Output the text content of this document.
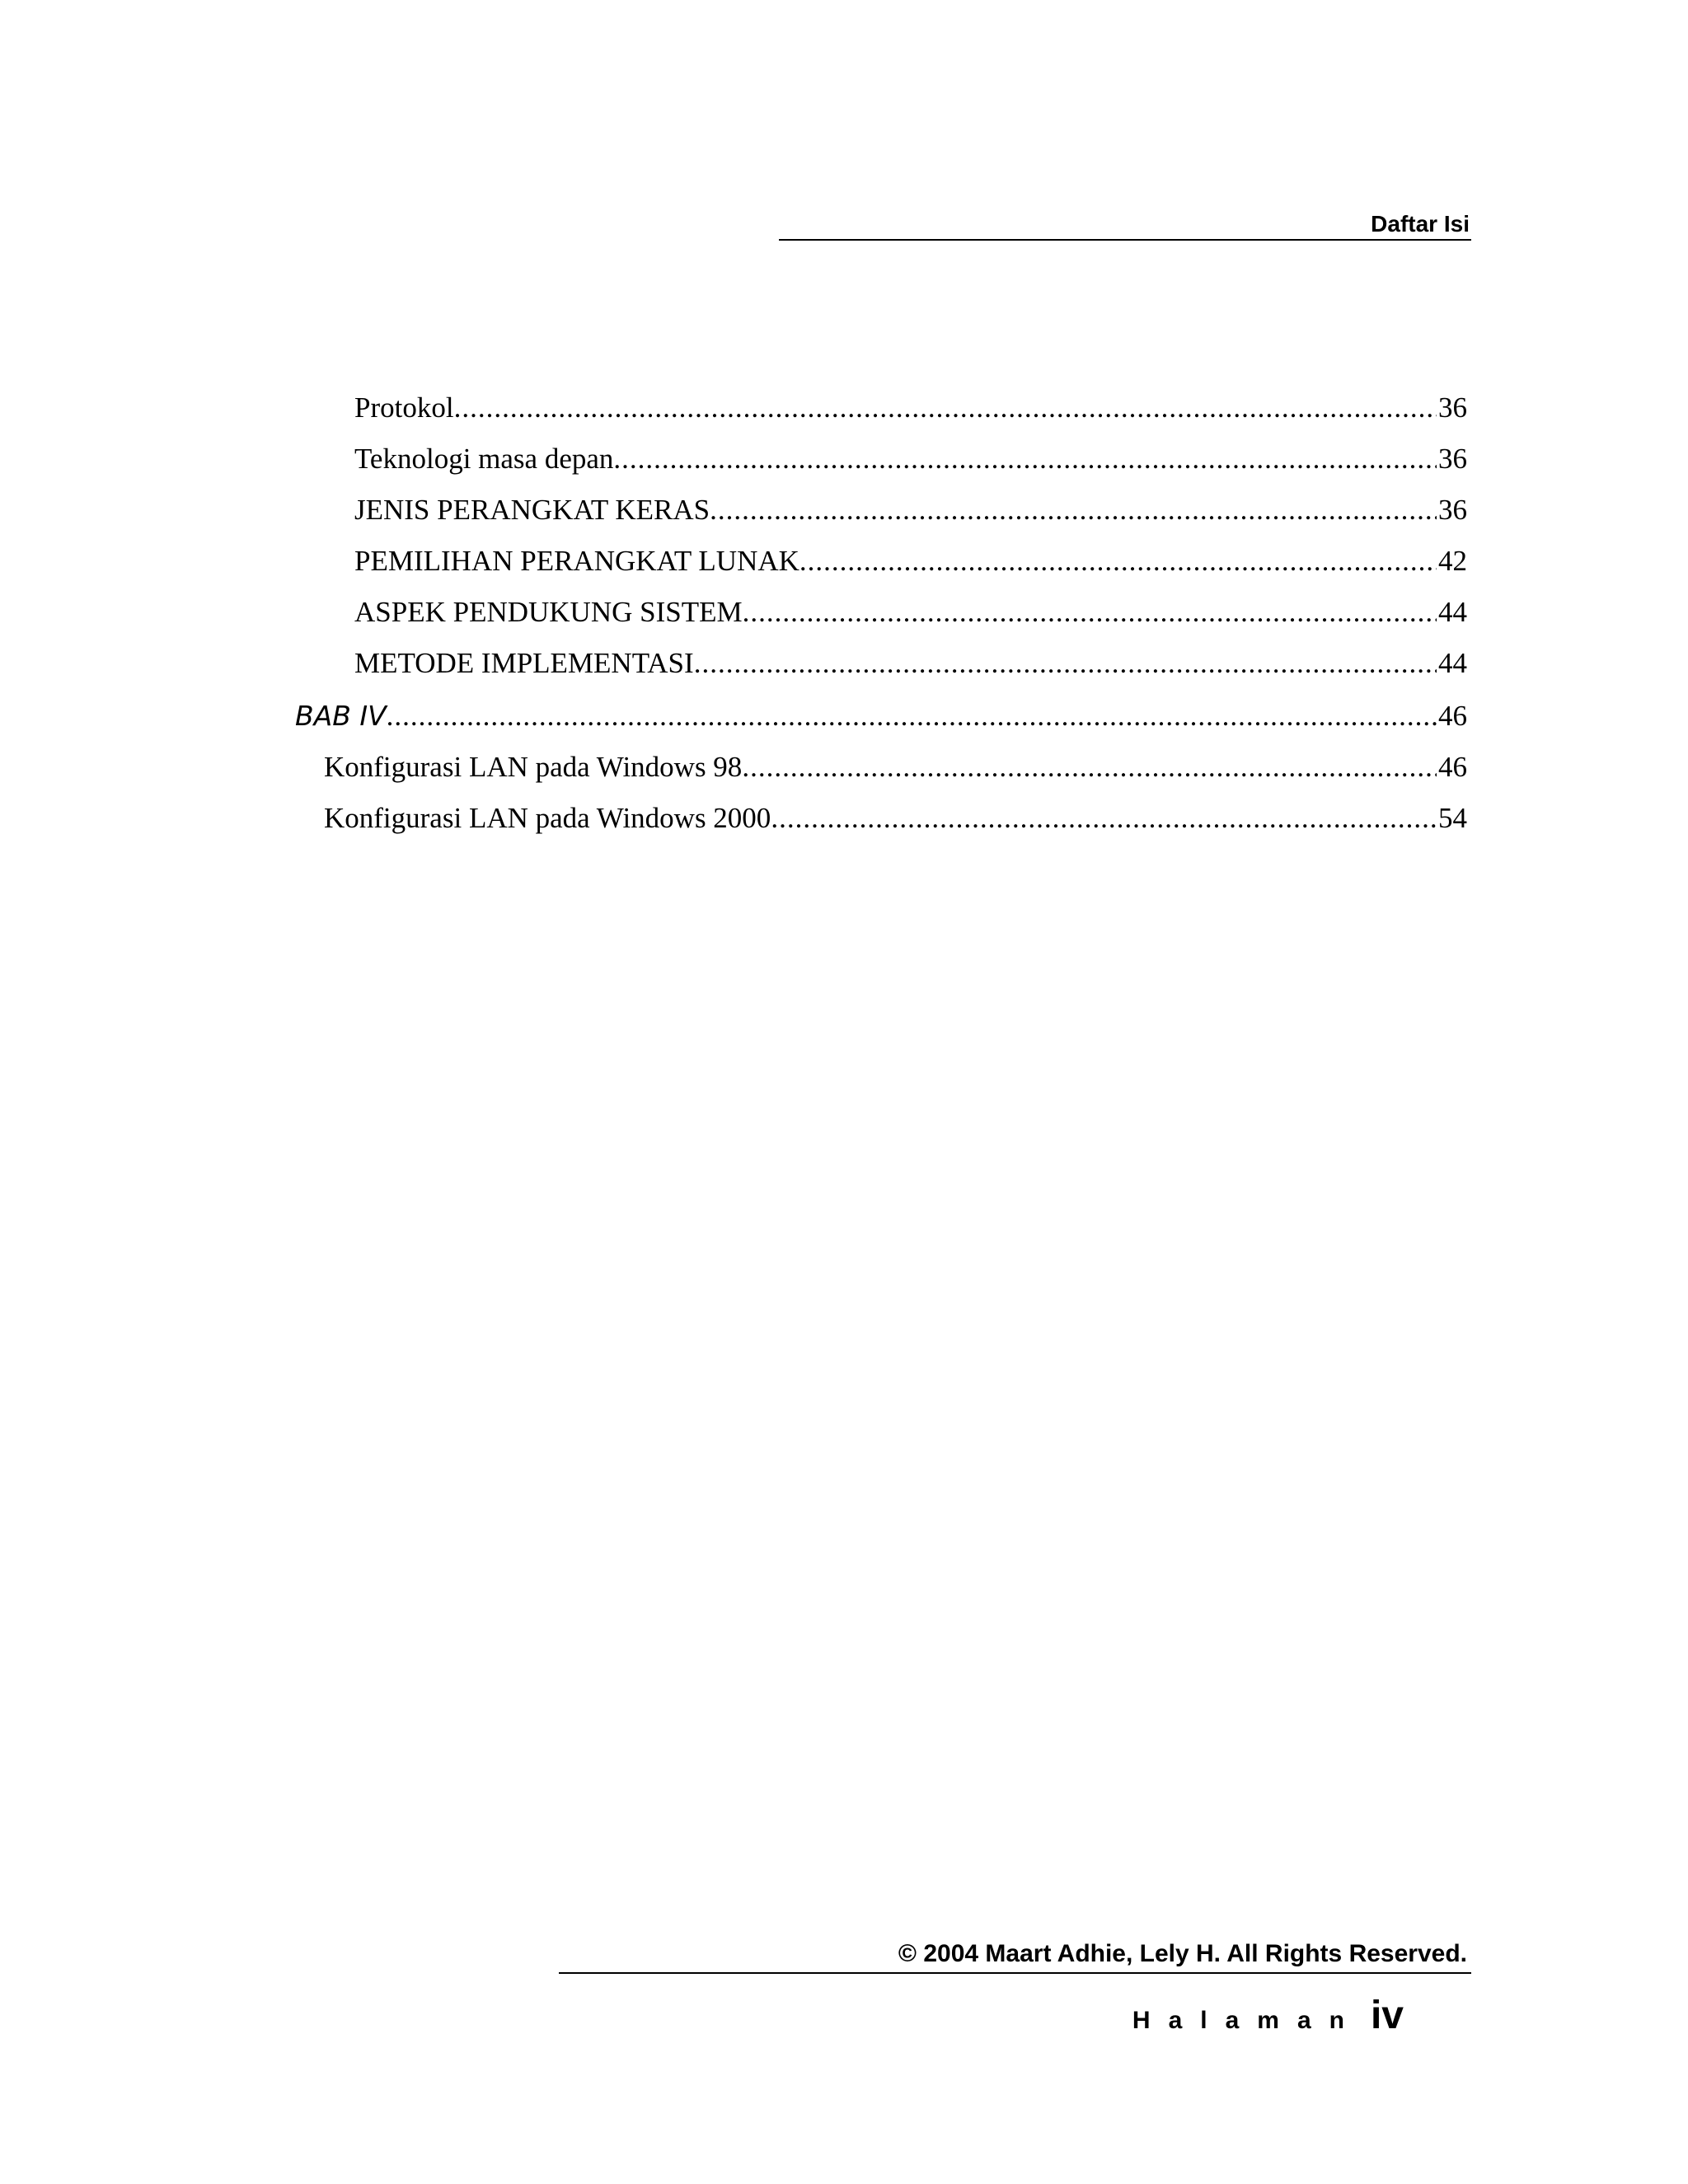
Daftar Isi
Protokol .....	36
Teknologi masa depan .....	36
JENIS PERANGKAT KERAS .....	36
PEMILIHAN PERANGKAT LUNAK .....	42
ASPEK PENDUKUNG SISTEM .....	44
METODE IMPLEMENTASI .....	44
BAB IV .....	46
Konfigurasi LAN pada Windows 98 .....	46
Konfigurasi LAN pada Windows 2000 .....	54
© 2004 Maart Adhie, Lely H. All Rights Reserved.
Halaman iv
